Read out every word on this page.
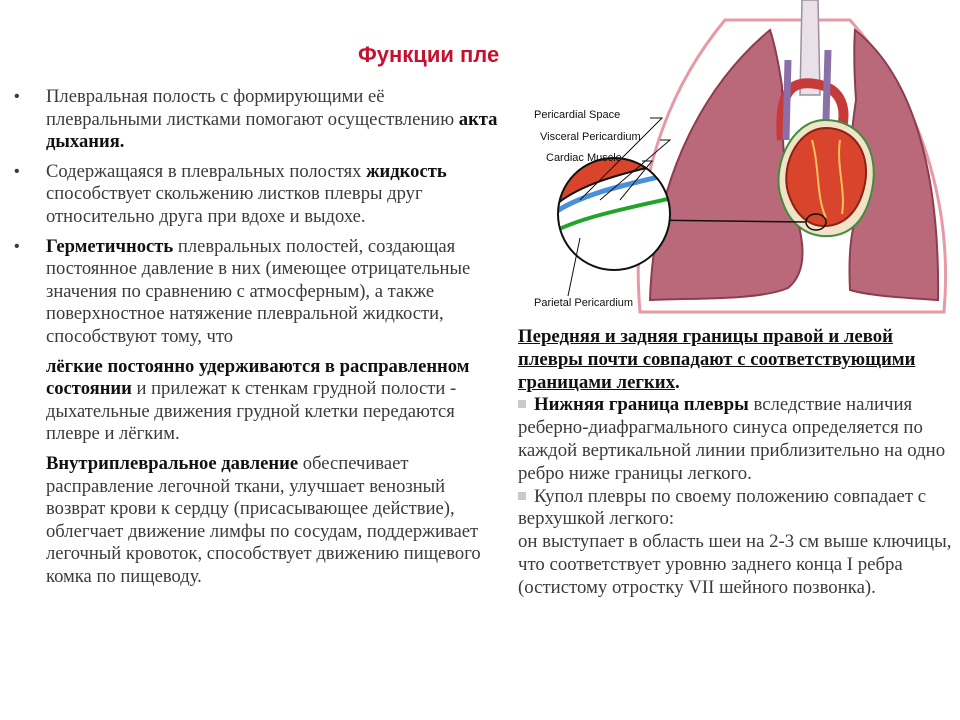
Функции пле

• Плевральная полость с формирующими её плевральными листками помогают осуществлению акта дыхания.

• Содержащаяся в плевральных полостях жидкость способствует скольжению листков плевры друг относительно друга при вдохе и выдохе.

• Герметичность плевральных полостей, создающая постоянное давление в них (имеющее отрицательные значения по сравнению с атмосферным), а также поверхностное натяжение плевральной жидкости, способствуют тому, что

лёгкие постоянно удерживаются в расправленном состоянии и прилежат к стенкам грудной полости - дыхательные движения грудной клетки передаются плевре и лёгким.

Внутриплевральное давление обеспечивает расправление легочной ткани, улучшает венозный возврат крови к сердцу (присасывающее действие), облегчает движение лимфы по сосудам, поддерживает легочный кровоток, способствует движению пищевого комка по пищеводу.

Pericardial Space
Visceral Pericardium
Cardiac Muscle
Parietal Pericardium

Передняя и задняя границы правой и левой плевры почти совпадают с соответствующими границами легких.

Нижняя граница плевры вследствие наличия реберно-диафрагмального синуса определяется по каждой вертикальной линии приблизительно на одно ребро ниже границы легкого.

Купол плевры по своему положению совпадает с верхушкой легкого:

он выступает в область шеи на 2-3 см выше ключицы, что соответствует уровню заднего конца I ребра (остистому отростку VII шейного позвонка).
